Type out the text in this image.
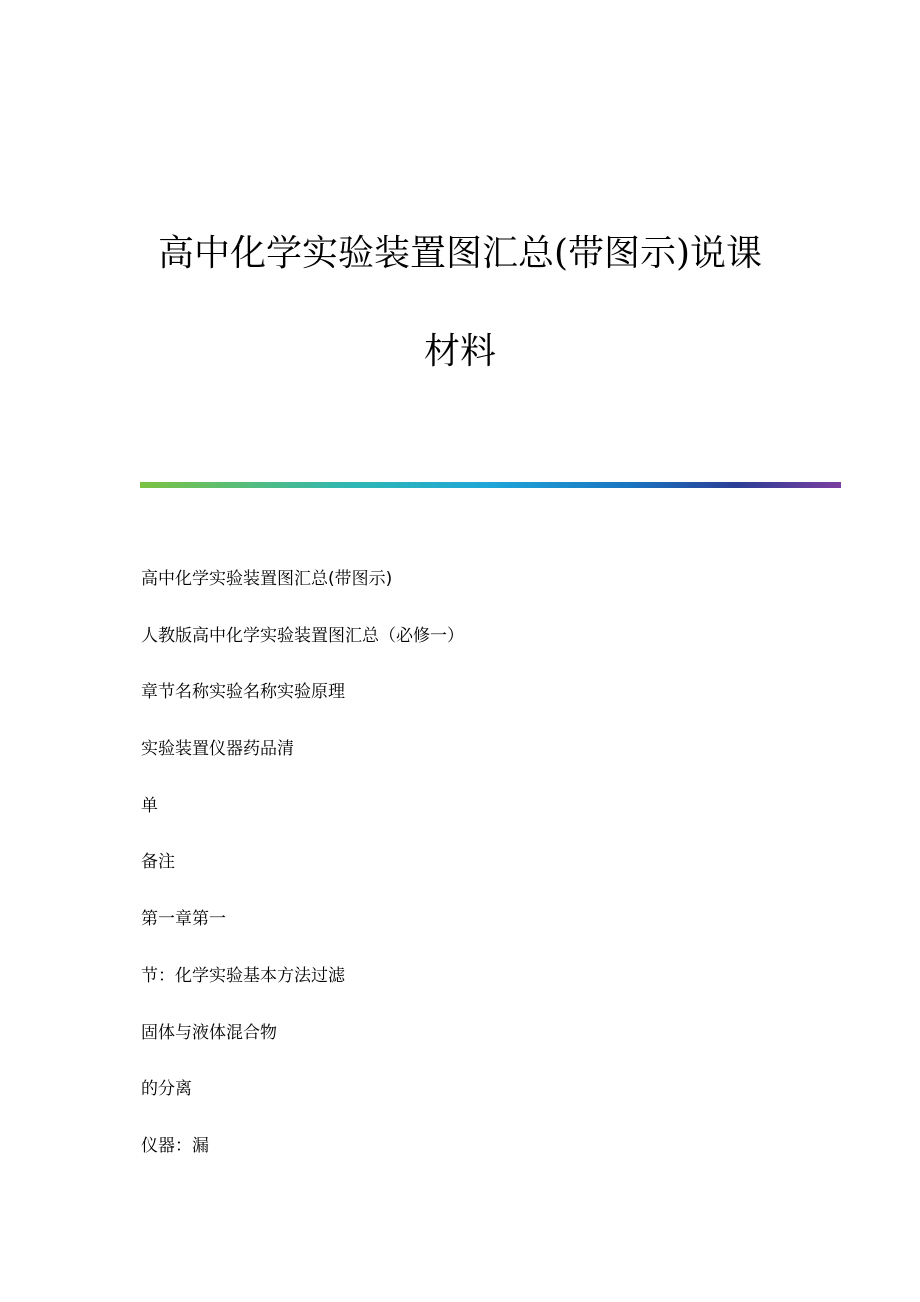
高中化学实验装置图汇总(带图示)说课
材料
高中化学实验装置图汇总(带图示)
人教版高中化学实验装置图汇总（必修一）
章节名称实验名称实验原理
实验装置仪器药品清
单
备注
第一章第一
节：化学实验基本方法过滤
固体与液体混合物
的分离
仪器：漏
